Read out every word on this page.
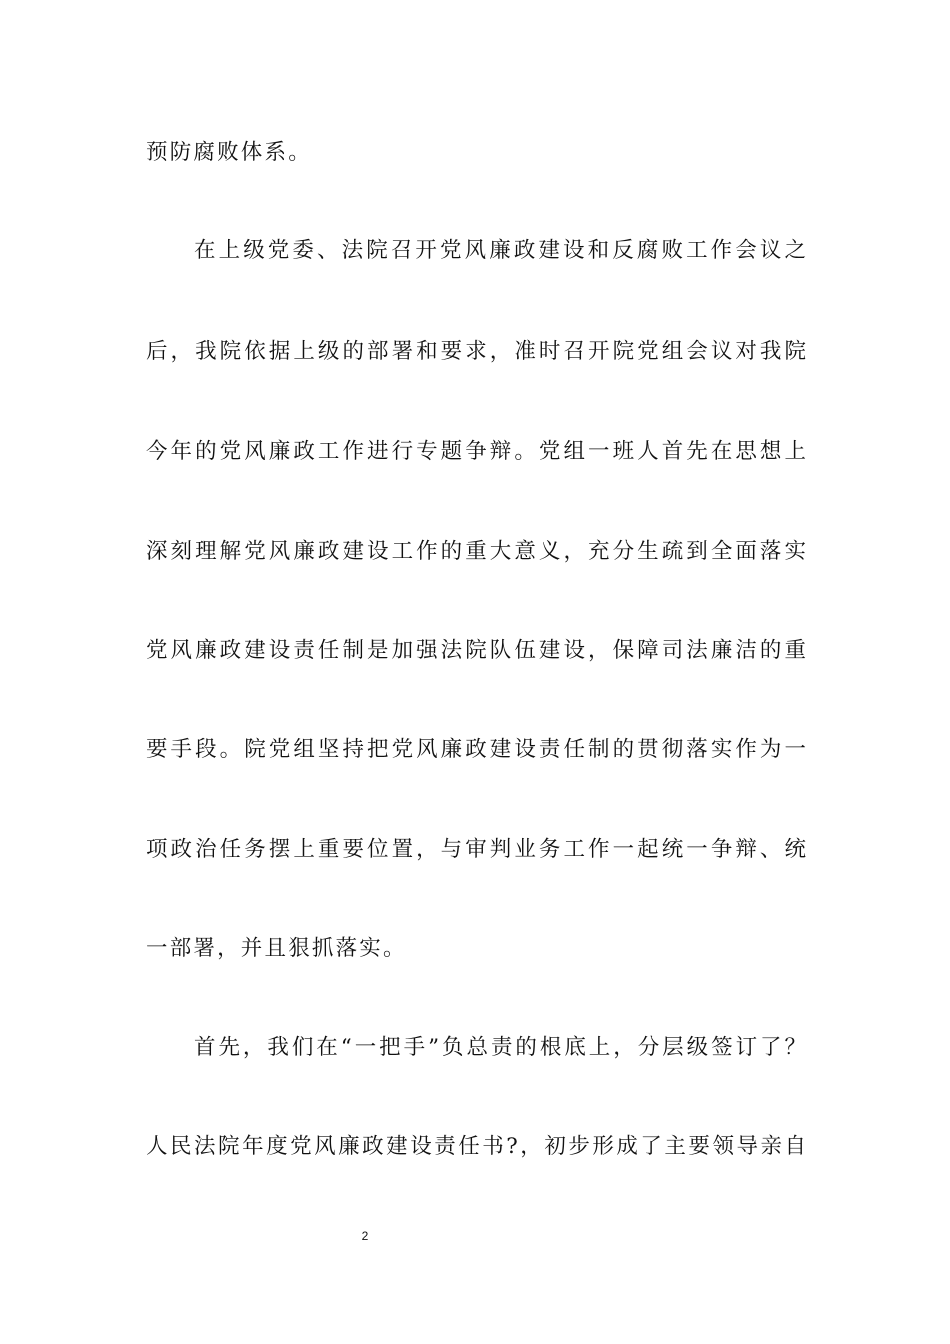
预防腐败体系。
在上级党委、法院召开党风廉政建设和反腐败工作会议之
后，我院依据上级的部署和要求，准时召开院党组会议对我院
今年的党风廉政工作进行专题争辩。党组一班人首先在思想上
深刻理解党风廉政建设工作的重大意义，充分生疏到全面落实
党风廉政建设责任制是加强法院队伍建设，保障司法廉洁的重
要手段。院党组坚持把党风廉政建设责任制的贯彻落实作为一
项政治任务摆上重要位置，与审判业务工作一起统一争辩、统
一部署，并且狠抓落实。
首先，我们在“一把手”负总责的根底上，分层级签订了？
人民法院年度党风廉政建设责任书?，初步形成了主要领导亲自
2
